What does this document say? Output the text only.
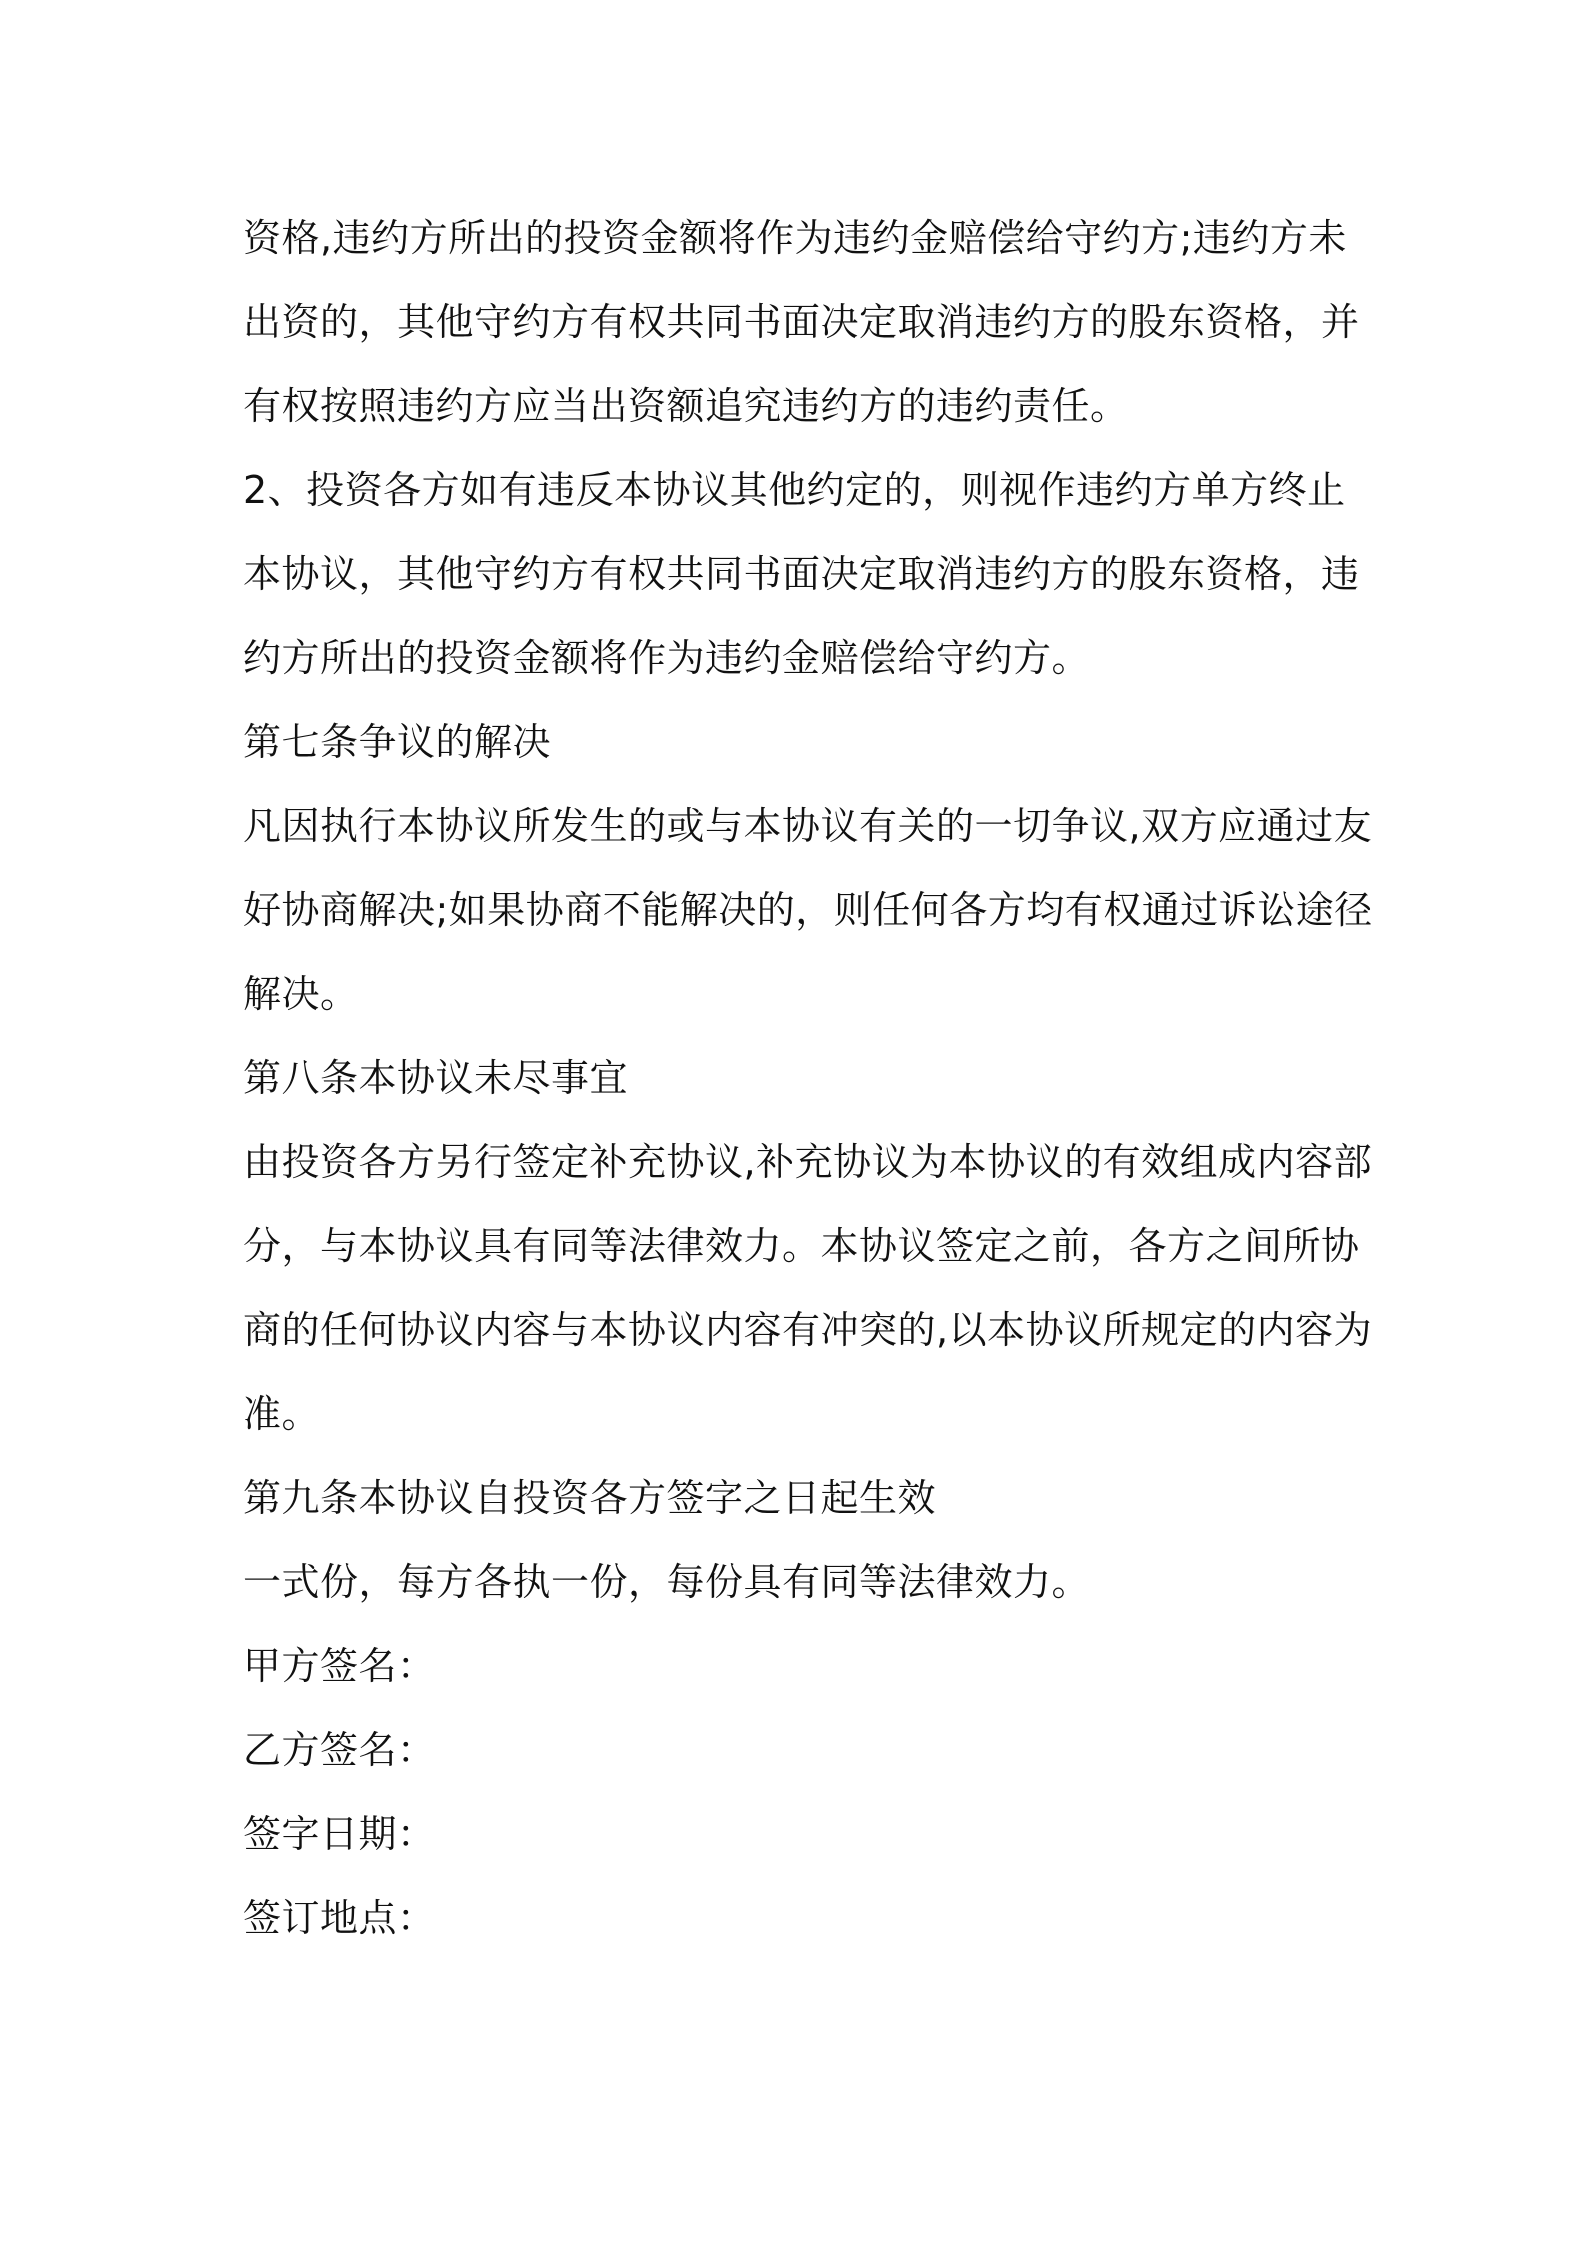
资格,违约方所出的投资金额将作为违约金赔偿给守约方;违约方未出资的，其他守约方有权共同书面决定取消违约方的股东资格，并有权按照违约方应当出资额追究违约方的违约责任。

2、投资各方如有违反本协议其他约定的，则视作违约方单方终止本协议，其他守约方有权共同书面决定取消违约方的股东资格，违约方所出的投资金额将作为违约金赔偿给守约方。

第七条争议的解决

凡因执行本协议所发生的或与本协议有关的一切争议,双方应通过友好协商解决;如果协商不能解决的，则任何各方均有权通过诉讼途径解决。

第八条本协议未尽事宜

由投资各方另行签定补充协议,补充协议为本协议的有效组成内容部分，与本协议具有同等法律效力。本协议签定之前，各方之间所协商的任何协议内容与本协议内容有冲突的,以本协议所规定的内容为准。

第九条本协议自投资各方签字之日起生效

一式份，每方各执一份，每份具有同等法律效力。

甲方签名：

乙方签名：

签字日期：

签订地点：
